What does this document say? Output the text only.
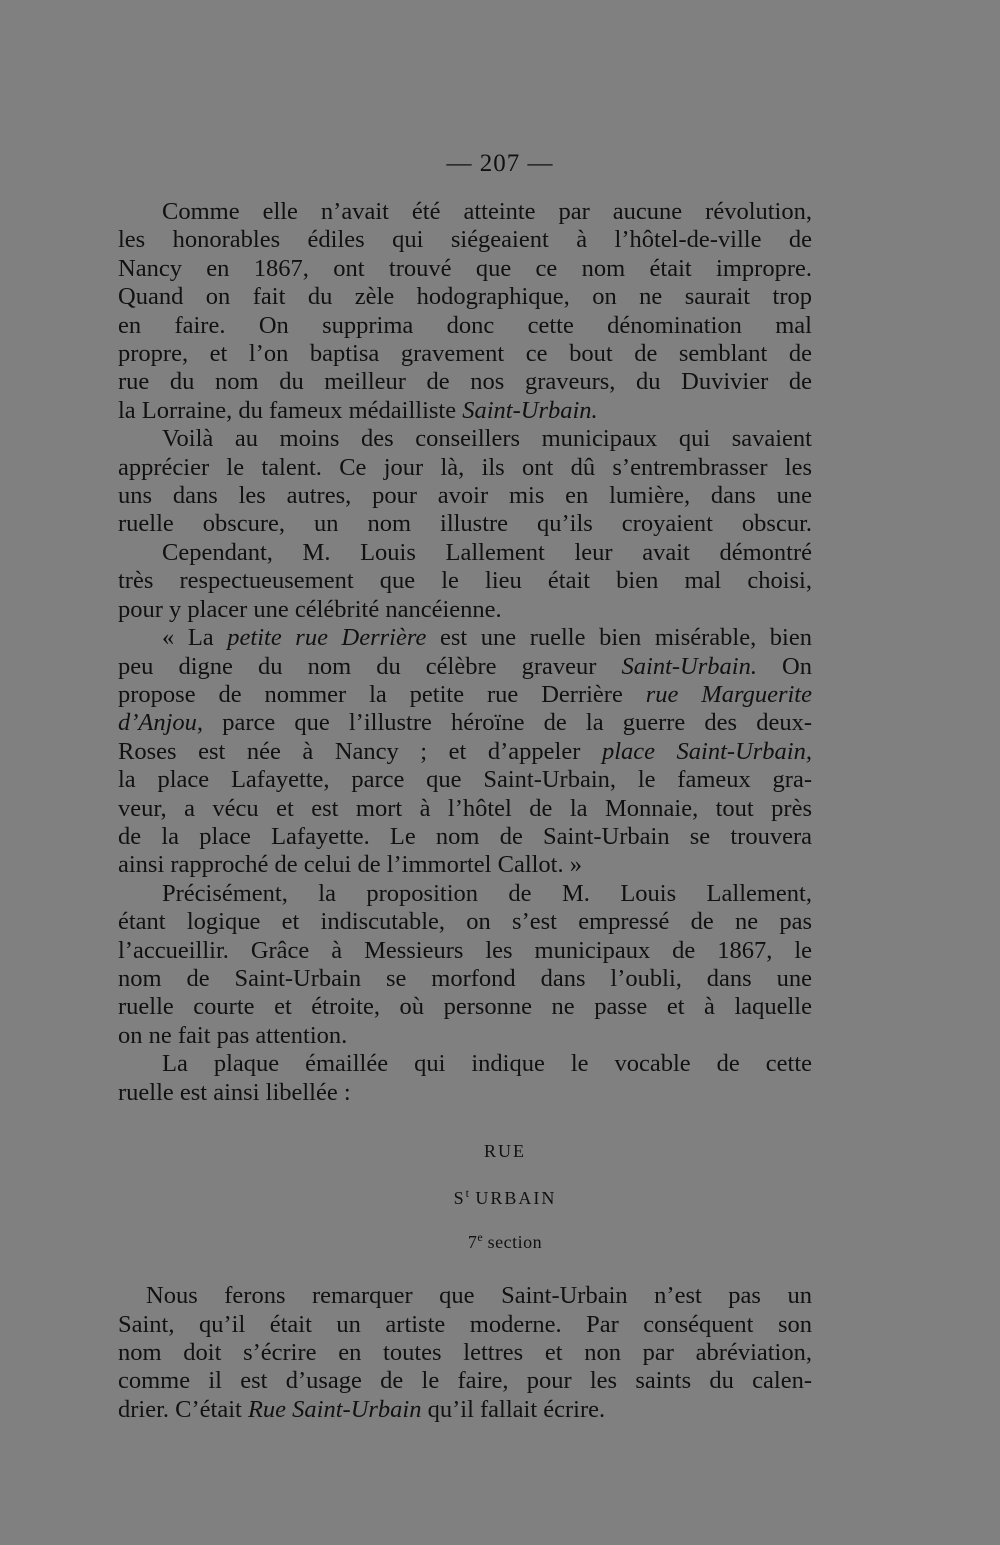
— 207 —
Comme elle n’avait été atteinte par aucune révolution,
les honorables édiles qui siégeaient à l’hôtel-de-ville de
Nancy en 1867, ont trouvé que ce nom était impropre.
Quand on fait du zèle hodographique, on ne saurait trop
en faire. On supprima donc cette dénomination mal
propre, et l’on baptisa gravement ce bout de semblant de
rue du nom du meilleur de nos graveurs, du Duvivier de
la Lorraine, du fameux médailliste Saint-Urbain.
Voilà au moins des conseillers municipaux qui savaient
apprécier le talent. Ce jour là, ils ont dû s’entrembrasser les
uns dans les autres, pour avoir mis en lumière, dans une
ruelle obscure, un nom illustre qu’ils croyaient obscur.
Cependant, M. Louis Lallement leur avait démontré
très respectueusement que le lieu était bien mal choisi,
pour y placer une célébrité nancéienne.
« La petite rue Derrière est une ruelle bien misérable, bien
peu digne du nom du célèbre graveur Saint-Urbain. On
propose de nommer la petite rue Derrière rue Marguerite
d’Anjou, parce que l’illustre héroïne de la guerre des deux-
Roses est née à Nancy ; et d’appeler place Saint-Urbain,
la place Lafayette, parce que Saint-Urbain, le fameux gra-
veur, a vécu et est mort à l’hôtel de la Monnaie, tout près
de la place Lafayette. Le nom de Saint-Urbain se trouvera
ainsi rapproché de celui de l’immortel Callot. »
Précisément, la proposition de M. Louis Lallement,
étant logique et indiscutable, on s’est empressé de ne pas
l’accueillir. Grâce à Messieurs les municipaux de 1867, le
nom de Saint-Urbain se morfond dans l’oubli, dans une
ruelle courte et étroite, où personne ne passe et à laquelle
on ne fait pas attention.
La plaque émaillée qui indique le vocable de cette
ruelle est ainsi libellée :
RUE
$S^t$ URBAIN
7e section
Nous ferons remarquer que Saint-Urbain n’est pas un
Saint, qu’il était un artiste moderne. Par conséquent son
nom doit s’écrire en toutes lettres et non par abréviation,
comme il est d’usage de le faire, pour les saints du calen-
drier. C’était Rue Saint-Urbain qu’il fallait écrire.
